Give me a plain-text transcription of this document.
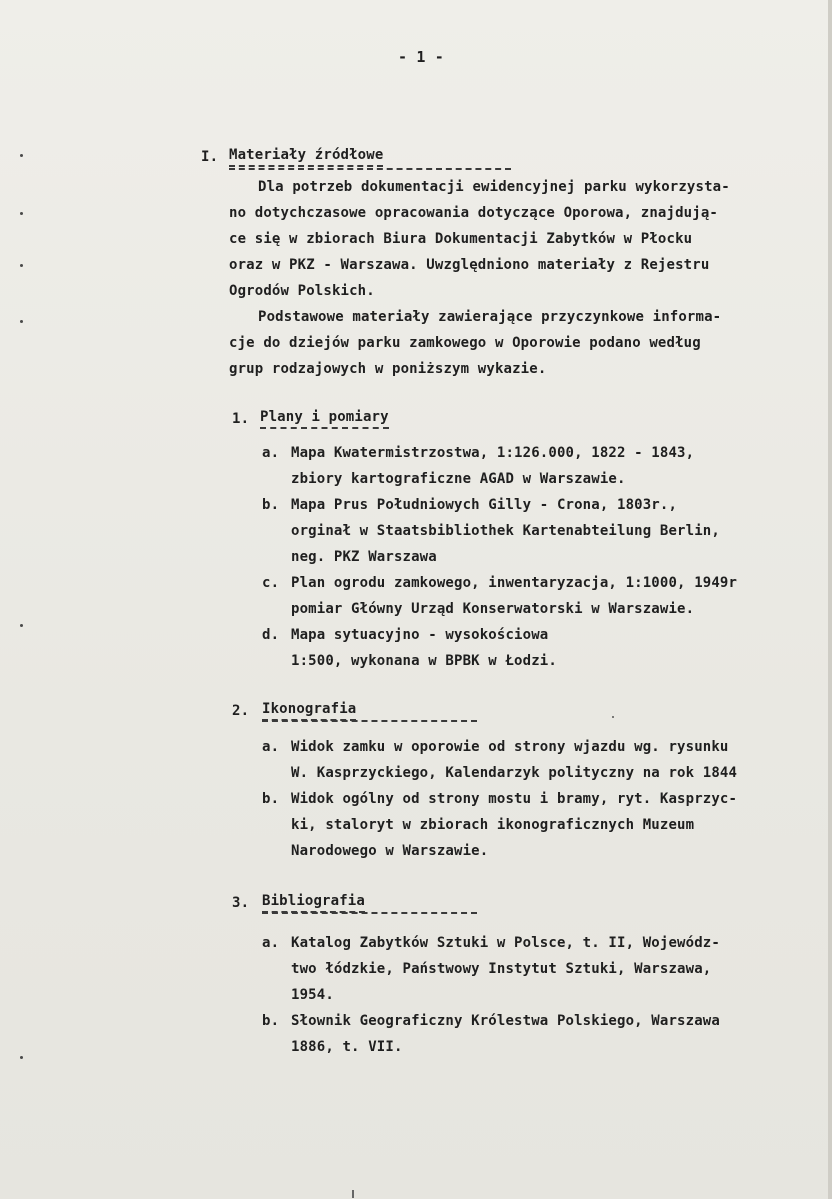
- 1 -
I. Materiały źródłowe
Dla potrzeb dokumentacji ewidencyjnej parku wykorzysta-
no dotychczasowe opracowania dotyczące Oporowa, znajdują-
ce się w zbiorach Biura Dokumentacji Zabytków w Płocku
oraz w PKZ - Warszawa. Uwzględniono materiały z Rejestru
Ogrodów Polskich.
Podstawowe materiały zawierające przyczynkowe informa-
cje do dziejów parku zamkowego w Oporowie podano według
grup rodzajowych w poniższym wykazie.
1. Plany i pomiary
a. Mapa Kwatermistrzostwa, 1:126.000, 1822 - 1843,
zbiory kartograficzne AGAD w Warszawie.
b. Mapa Prus Południowych Gilly - Crona, 1803r.,
orginał w Staatsbibliothek Kartenabteilung Berlin,
neg. PKZ Warszawa
c. Plan ogrodu zamkowego, inwentaryzacja, 1:1000, 1949r
pomiar Główny Urząd Konserwatorski w Warszawie.
d. Mapa sytuacyjno - wysokościowa
1:500, wykonana w BPBK w Łodzi.
2. Ikonografia
a. Widok zamku w oporowie od strony wjazdu wg. rysunku
W. Kasprzyckiego, Kalendarzyk polityczny na rok 1844
b. Widok ogólny od strony mostu i bramy, ryt. Kasprzyc-
ki, staloryt w zbiorach ikonograficznych Muzeum
Narodowego w Warszawie.
3. Bibliografia
a. Katalog Zabytków Sztuki w Polsce, t. II, Wojewódz-
two łódzkie, Państwowy Instytut Sztuki, Warszawa,
1954.
b. Słownik Geograficzny Królestwa Polskiego, Warszawa
1886, t. VII.
